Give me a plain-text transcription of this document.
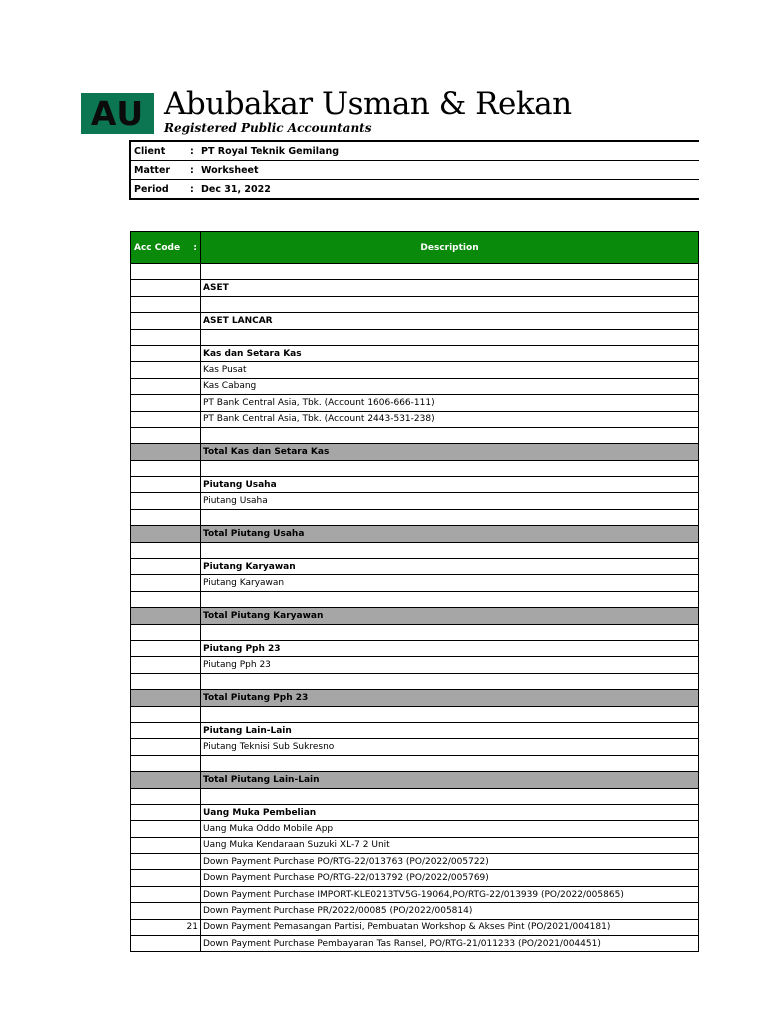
AU Abubakar Usman & Rekan
Registered Public Accountants
Client	:	PT Royal Teknik Gemilang
Matter	:	Worksheet
Period	:	Dec 31, 2022
Acc Code :	Description

	ASET

	ASET LANCAR

	Kas dan Setara Kas
	Kas Pusat
	Kas Cabang
	PT Bank Central Asia, Tbk. (Account 1606-666-111)
	PT Bank Central Asia, Tbk. (Account 2443-531-238)

	Total Kas dan Setara Kas

	Piutang Usaha
	Piutang Usaha

	Total Piutang Usaha

	Piutang Karyawan
	Piutang Karyawan

	Total Piutang Karyawan

	Piutang Pph 23
	Piutang Pph 23

	Total Piutang Pph 23

	Piutang Lain-Lain
	Piutang Teknisi Sub Sukresno

	Total Piutang Lain-Lain

	Uang Muka Pembelian
	Uang Muka Oddo Mobile App
	Uang Muka Kendaraan Suzuki XL-7 2 Unit
	Down Payment Purchase PO/RTG-22/013763 (PO/2022/005722)
	Down Payment Purchase PO/RTG-22/013792 (PO/2022/005769)
	Down Payment Purchase IMPORT-KLE0213TV5G-19064,PO/RTG-22/013939 (PO/2022/005865)
	Down Payment Purchase PR/2022/00085 (PO/2022/005814)
21	Down Payment Pemasangan Partisi, Pembuatan Workshop & Akses Pint (PO/2021/004181)
	Down Payment Purchase Pembayaran Tas Ransel, PO/RTG-21/011233 (PO/2021/004451)
